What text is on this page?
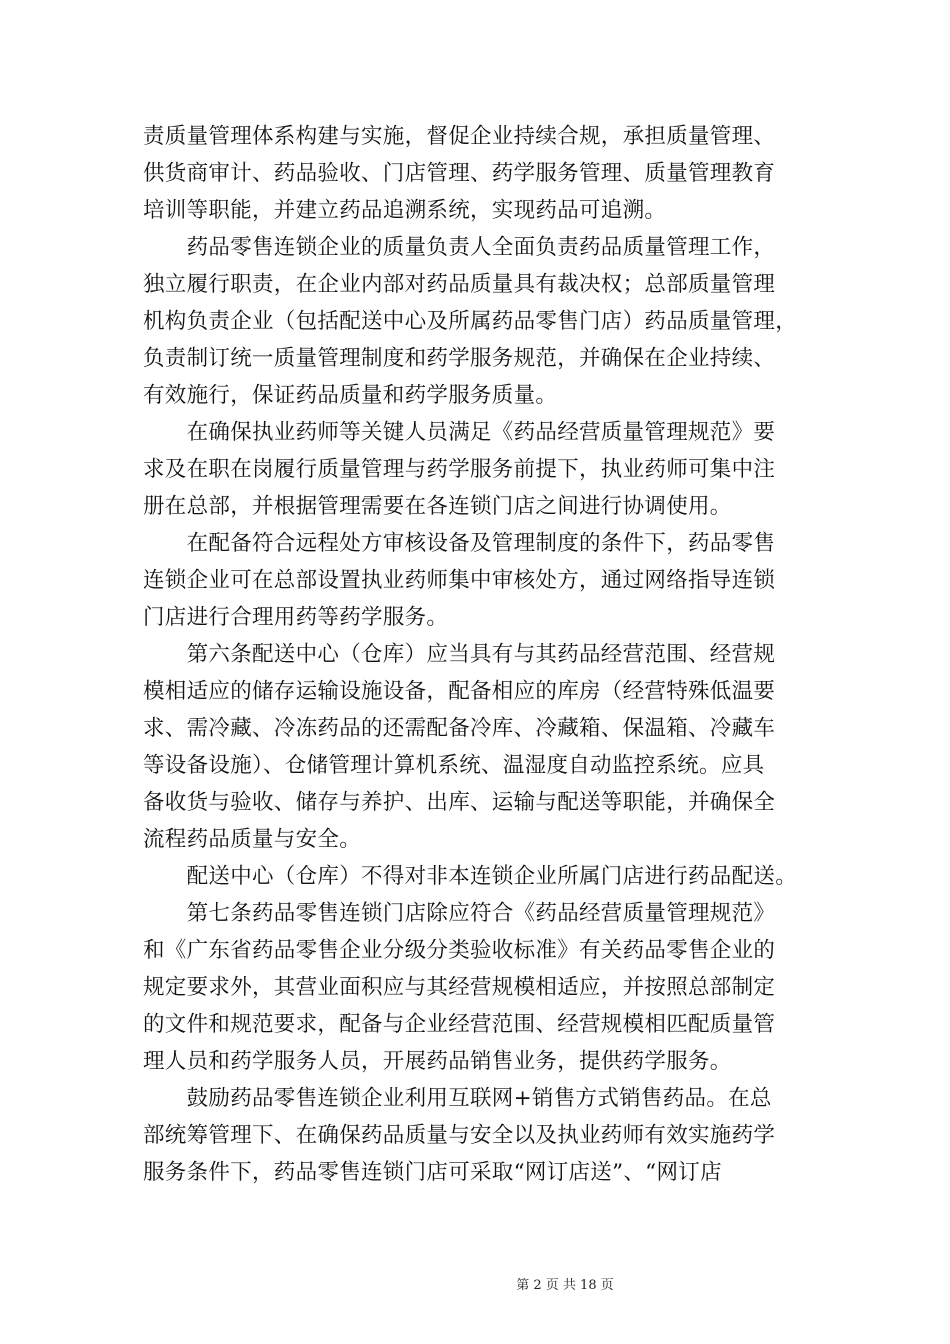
责质量管理体系构建与实施，督促企业持续合规，承担质量管理、
供货商审计、药品验收、门店管理、药学服务管理、质量管理教育
培训等职能，并建立药品追溯系统，实现药品可追溯。
　　药品零售连锁企业的质量负责人全面负责药品质量管理工作，
独立履行职责，在企业内部对药品质量具有裁决权；总部质量管理
机构负责企业（包括配送中心及所属药品零售门店）药品质量管理，
负责制订统一质量管理制度和药学服务规范，并确保在企业持续、
有效施行，保证药品质量和药学服务质量。
　　在确保执业药师等关键人员满足《药品经营质量管理规范》要
求及在职在岗履行质量管理与药学服务前提下，执业药师可集中注
册在总部，并根据管理需要在各连锁门店之间进行协调使用。
　　在配备符合远程处方审核设备及管理制度的条件下，药品零售
连锁企业可在总部设置执业药师集中审核处方，通过网络指导连锁
门店进行合理用药等药学服务。
　　第六条配送中心（仓库）应当具有与其药品经营范围、经营规
模相适应的储存运输设施设备，配备相应的库房（经营特殊低温要
求、需冷藏、冷冻药品的还需配备冷库、冷藏箱、保温箱、冷藏车
等设备设施）、仓储管理计算机系统、温湿度自动监控系统。应具
备收货与验收、储存与养护、出库、运输与配送等职能，并确保全
流程药品质量与安全。
　　配送中心（仓库）不得对非本连锁企业所属门店进行药品配送。
　　第七条药品零售连锁门店除应符合《药品经营质量管理规范》
和《广东省药品零售企业分级分类验收标准》有关药品零售企业的
规定要求外，其营业面积应与其经营规模相适应，并按照总部制定
的文件和规范要求，配备与企业经营范围、经营规模相匹配质量管
理人员和药学服务人员，开展药品销售业务，提供药学服务。
　　鼓励药品零售连锁企业利用互联网+销售方式销售药品。在总
部统筹管理下、在确保药品质量与安全以及执业药师有效实施药学
服务条件下，药品零售连锁门店可采取“网订店送”、“网订店
第 2 页 共 18 页
